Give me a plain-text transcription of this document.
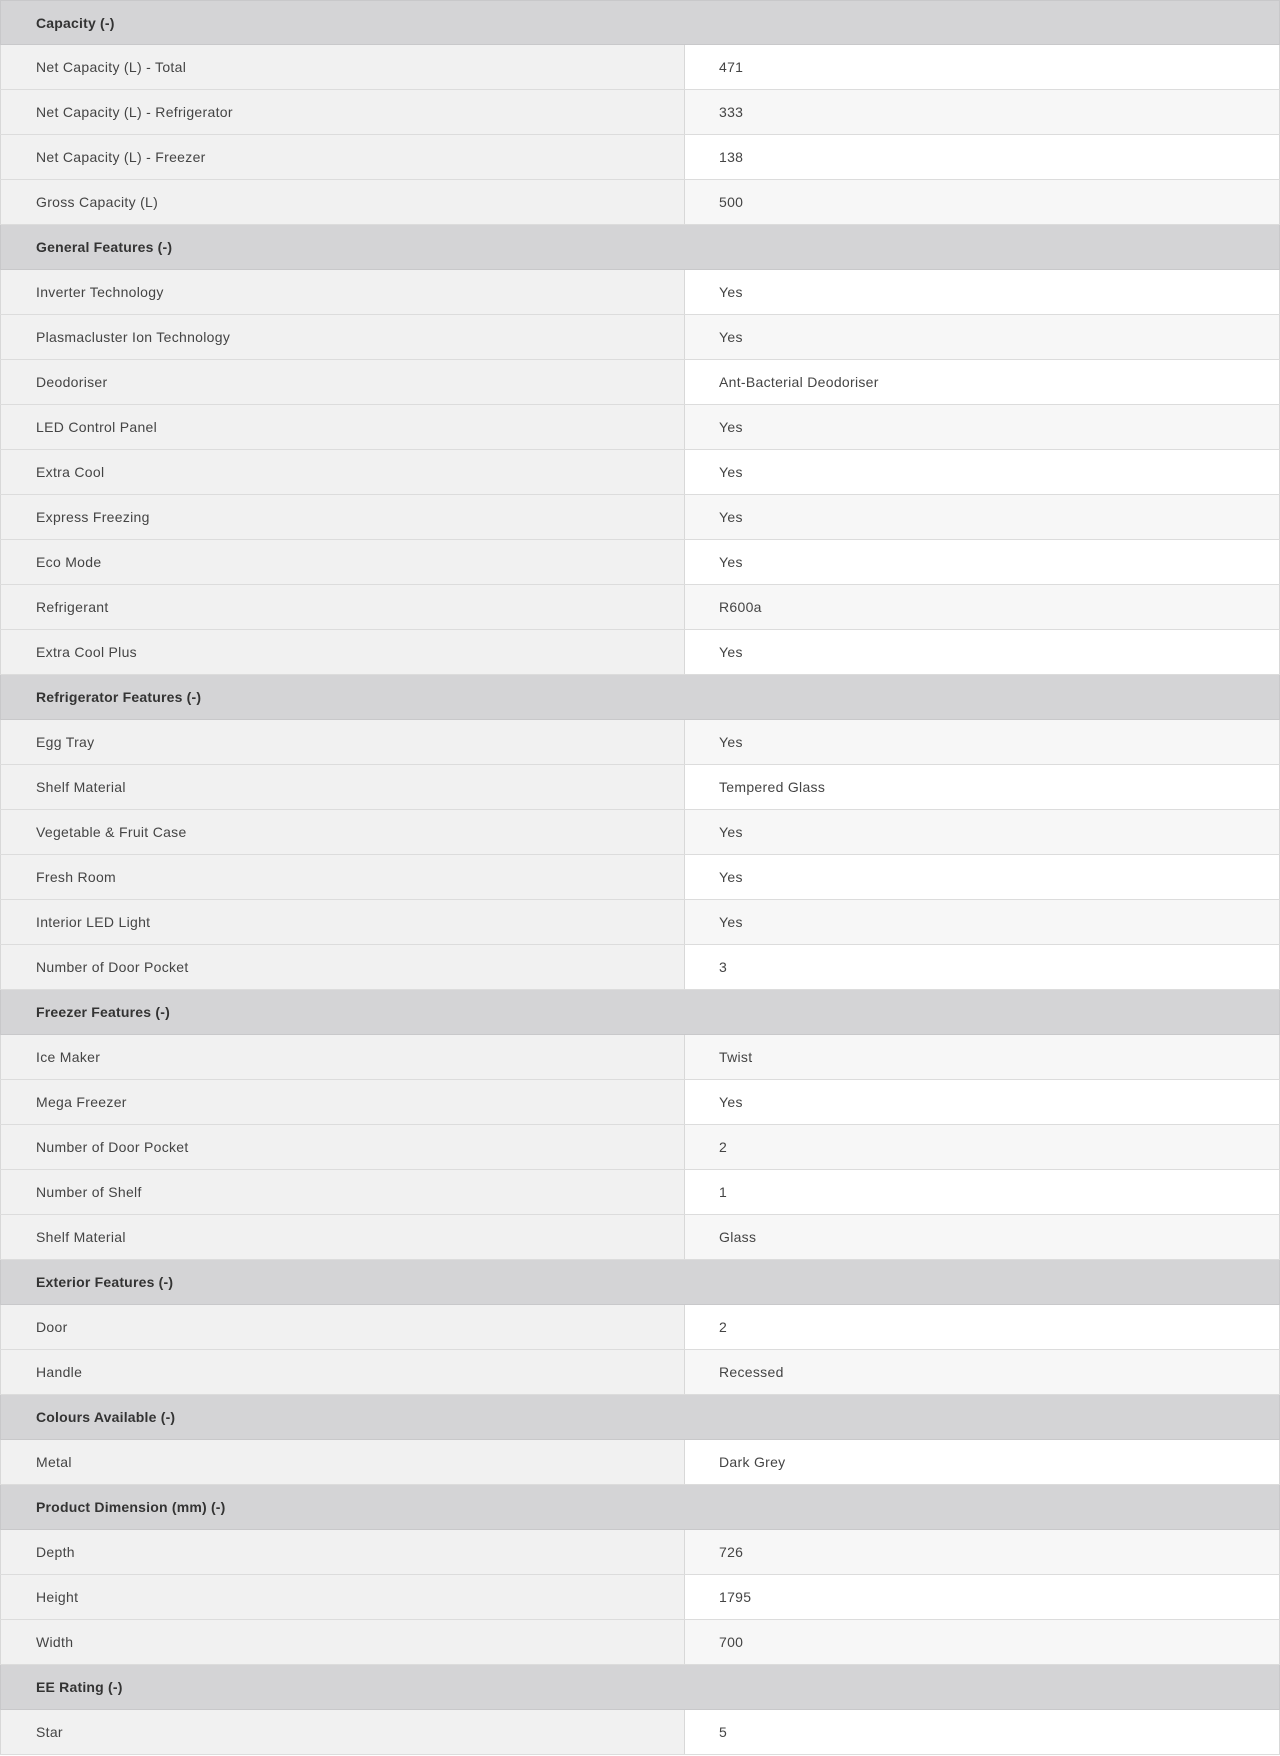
Capacity (-)
Net Capacity (L) - Total	471
Net Capacity (L) - Refrigerator	333
Net Capacity (L) - Freezer	138
Gross Capacity (L)	500
General Features (-)
Inverter Technology	Yes
Plasmacluster Ion Technology	Yes
Deodoriser	Ant-Bacterial Deodoriser
LED Control Panel	Yes
Extra Cool	Yes
Express Freezing	Yes
Eco Mode	Yes
Refrigerant	R600a
Extra Cool Plus	Yes
Refrigerator Features (-)
Egg Tray	Yes
Shelf Material	Tempered Glass
Vegetable & Fruit Case	Yes
Fresh Room	Yes
Interior LED Light	Yes
Number of Door Pocket	3
Freezer Features (-)
Ice Maker	Twist
Mega Freezer	Yes
Number of Door Pocket	2
Number of Shelf	1
Shelf Material	Glass
Exterior Features (-)
Door	2
Handle	Recessed
Colours Available (-)
Metal	Dark Grey
Product Dimension (mm) (-)
Depth	726
Height	1795
Width	700
EE Rating (-)
Star	5
